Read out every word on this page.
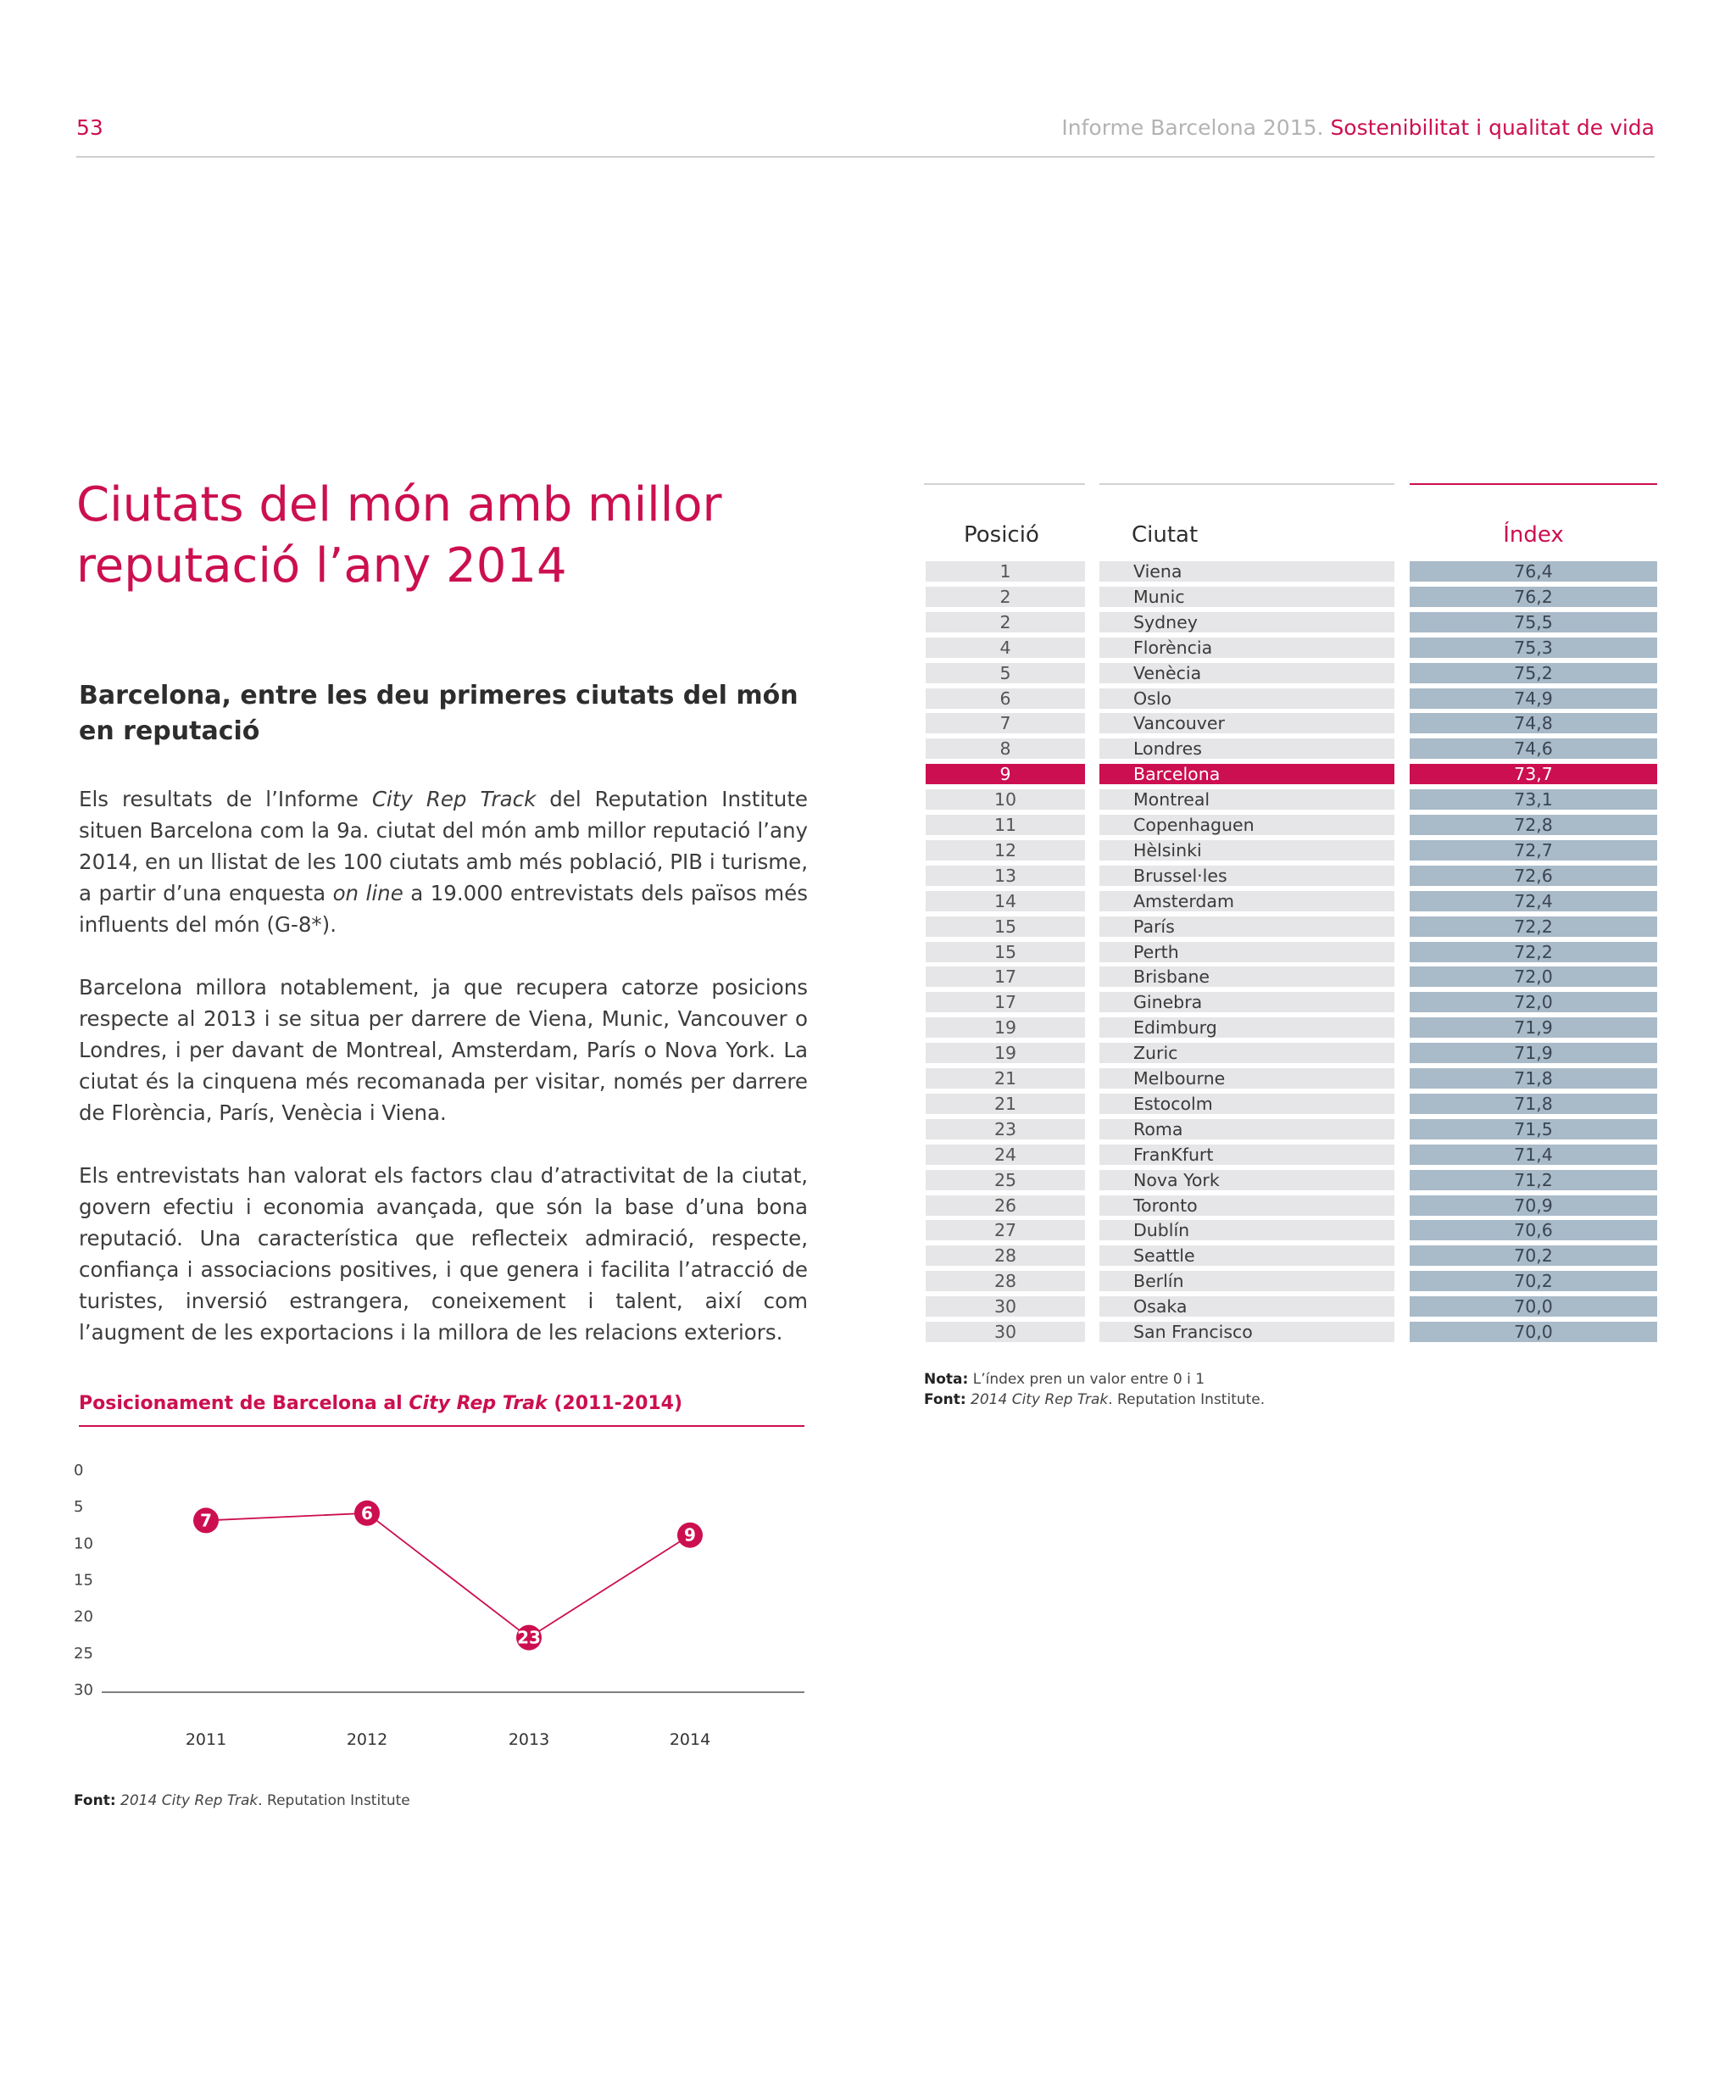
53	Informe Barcelona 2015. Sostenibilitat i qualitat de vida
Ciutats del món amb millor reputació l’any 2014
Barcelona, entre les deu primeres ciutats del món en reputació
Els resultats de l’Informe City Rep Track del Reputation Institute situen Barcelona com la 9a. ciutat del món amb millor reputació l’any 2014, en un llistat de les 100 ciutats amb més població, PIB i turisme, a partir d’una enquesta on line a 19.000 entrevistats dels països més influents del món (G-8*).
Barcelona millora notablement, ja que recupera catorze posicions respecte al 2013 i se situa per darrere de Viena, Munic, Vancouver o Londres, i per davant de Montreal, Amsterdam, París o Nova York. La ciutat és la cinquena més recomanada per visitar, només per darrere de Florència, París, Venècia i Viena.
Els entrevistats han valorat els factors clau d’atractivitat de la ciutat, govern efectiu i economia avançada, que són la base d’una bona reputació. Una característica que reflecteix admiració, respecte, confiança i associacions positives, i que genera i facilita l’atracció de turistes, inversió estrangera, coneixement i talent, així com l’augment de les exportacions i la millora de les relacions exteriors.
Posició	Ciutat	Índex
1	Viena	76,4
2	Munic	76,2
2	Sydney	75,5
4	Florència	75,3
5	Venècia	75,2
6	Oslo	74,9
7	Vancouver	74,8
8	Londres	74,6
9	Barcelona	73,7
10	Montreal	73,1
11	Copenhaguen	72,8
12	Hèlsinki	72,7
13	Brussel·les	72,6
14	Amsterdam	72,4
15	París	72,2
15	Perth	72,2
17	Brisbane	72,0
17	Ginebra	72,0
19	Edimburg	71,9
19	Zuric	71,9
21	Melbourne	71,8
21	Estocolm	71,8
23	Roma	71,5
24	FranKfurt	71,4
25	Nova York	71,2
26	Toronto	70,9
27	Dublín	70,6
28	Seattle	70,2
28	Berlín	70,2
30	Osaka	70,0
30	San Francisco	70,0
Nota: L’índex pren un valor entre 0 i 1
Font: 2014 City Rep Trak. Reputation Institute.
Posicionament de Barcelona al City Rep Trak (2011-2014)
0
5
10
15
20
25
30
7	6
23
9
2011	2012	2013	2014
Font: 2014 City Rep Trak. Reputation Institute
